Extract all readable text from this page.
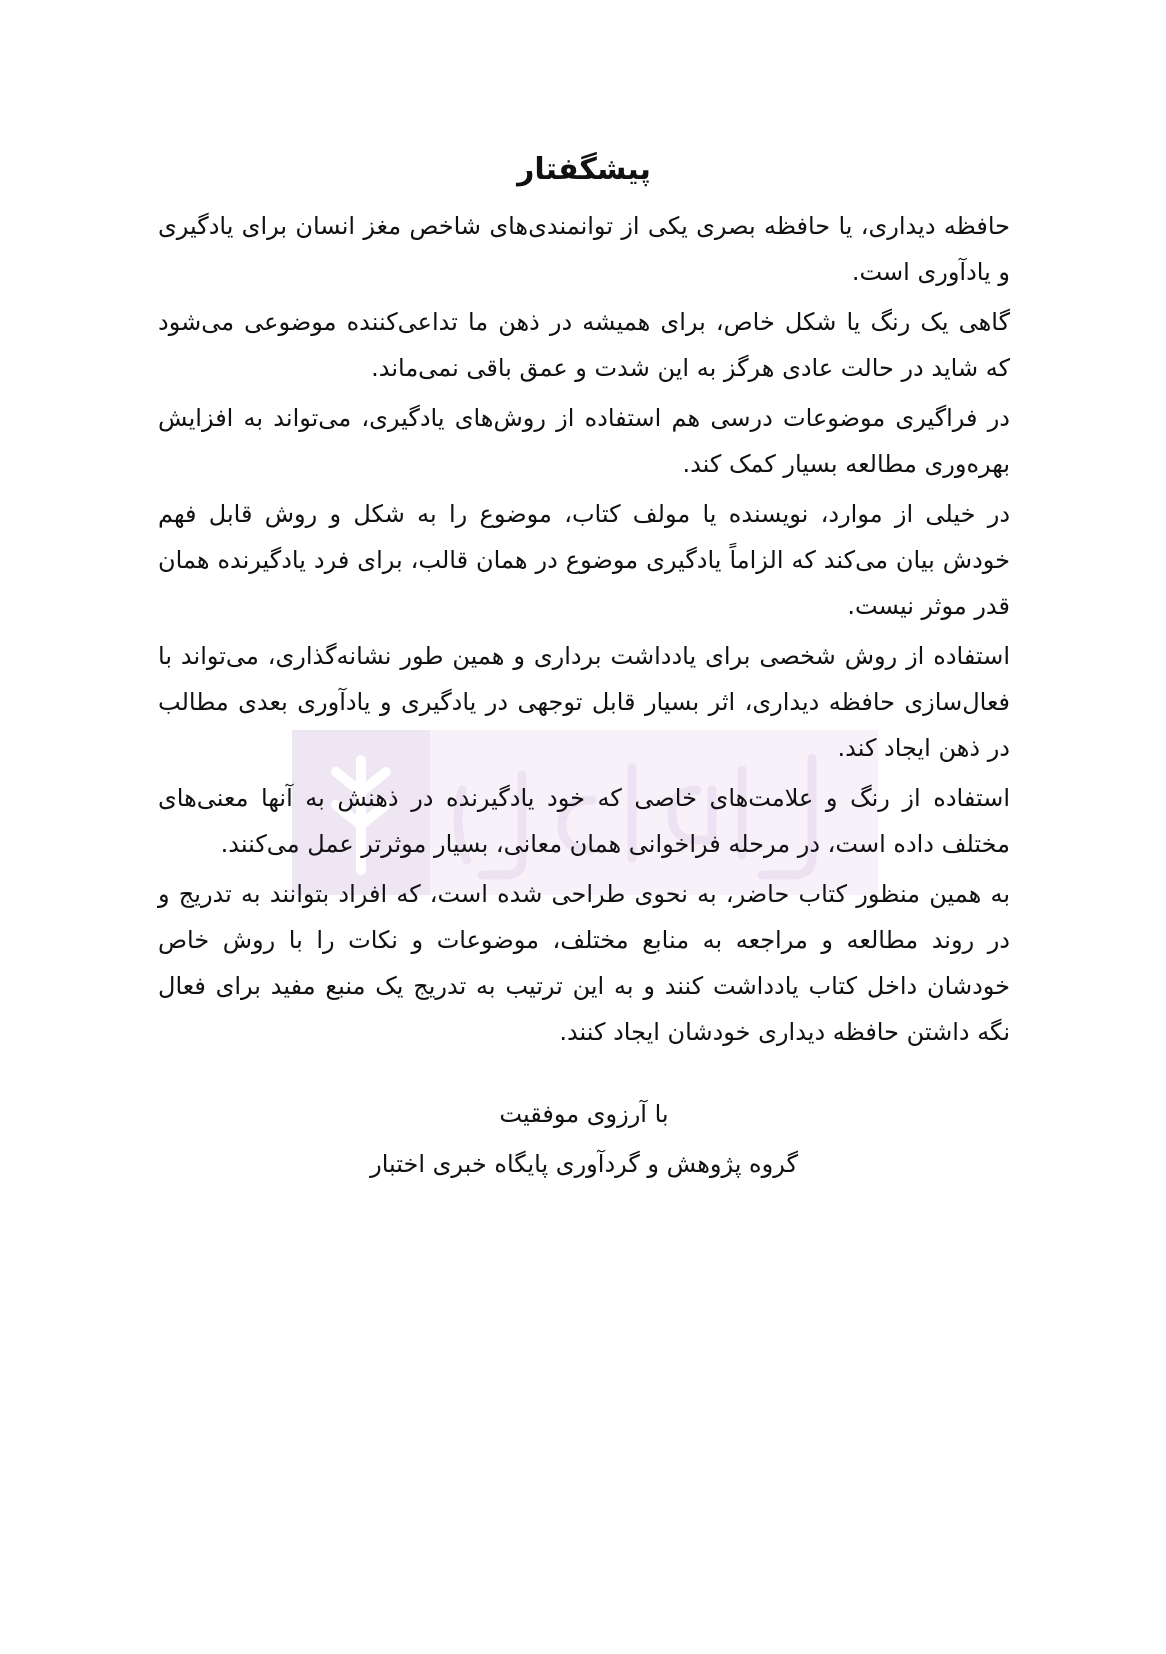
پیشگفتار

حافظه دیداری، یا حافظه بصری یکی از توانمندی‌های شاخص مغز انسان برای یادگیری و یادآوری است.

گاهی یک رنگ یا شکل خاص، برای همیشه در ذهن ما تداعی‌کننده موضوعی می‌شود که شاید در حالت عادی هرگز به این شدت و عمق باقی نمی‌ماند.

در فراگیری موضوعات درسی هم استفاده از روش‌های یادگیری، می‌تواند به افزایش بهره‌وری مطالعه بسیار کمک کند.

در خیلی از موارد، نویسنده یا مولف کتاب، موضوع را به شکل و روش قابل فهم خودش بیان می‌کند که الزاماً یادگیری موضوع در همان قالب، برای فرد یادگیرنده همان قدر موثر نیست.

استفاده از روش شخصی برای یادداشت برداری و همین طور نشانه‌گذاری، می‌تواند با فعال‌سازی حافظه دیداری، اثر بسیار قابل توجهی در یادگیری و یادآوری بعدی مطالب در ذهن ایجاد کند.

استفاده از رنگ و علامت‌های خاصی که خود یادگیرنده در ذهنش به آنها معنی‌های مختلف داده است، در مرحله فراخوانی همان معانی، بسیار موثرتر عمل می‌کنند.

به همین منظور کتاب حاضر، به نحوی طراحی شده است، که افراد بتوانند به تدریج و در روند مطالعه و مراجعه به منابع مختلف، موضوعات و نکات را با روش خاص خودشان داخل کتاب یادداشت کنند و به این ترتیب به تدریج یک منبع مفید برای فعال نگه داشتن حافظه دیداری خودشان ایجاد کنند.

با آرزوی موفقیت
گروه پژوهش و گردآوری پایگاه خبری اختبار
